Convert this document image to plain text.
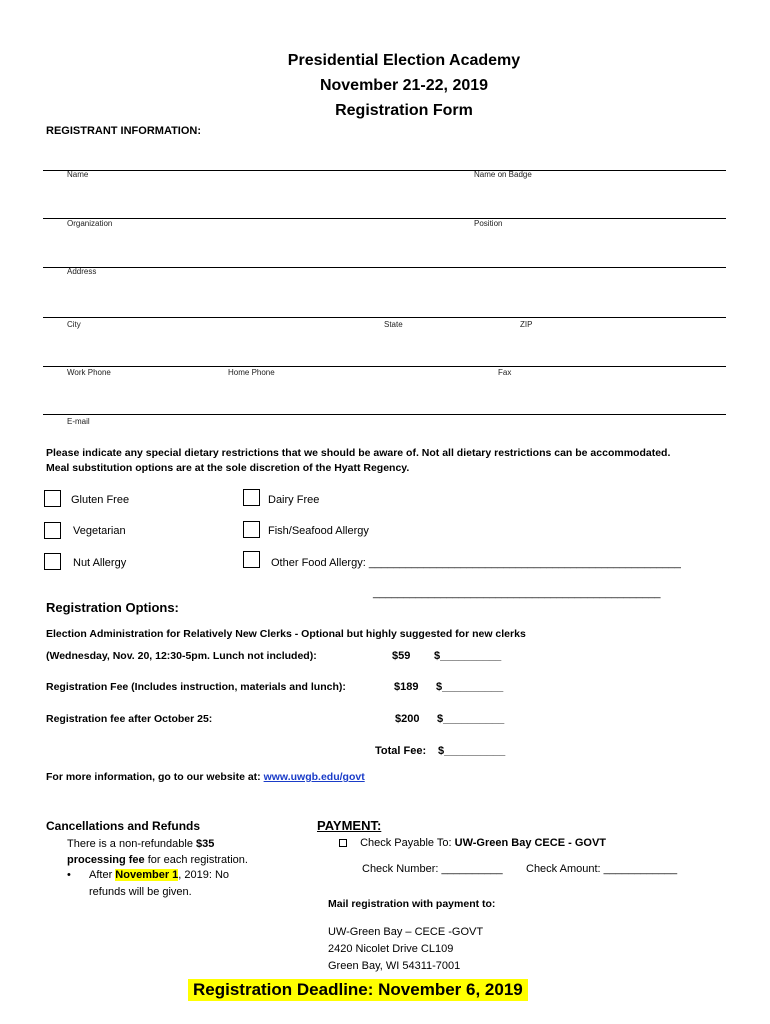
Presidential Election Academy
November 21-22, 2019
Registration Form
REGISTRANT INFORMATION:
Name	Name on Badge
Organization	Position
Address
City	State	ZIP
Work Phone	Home Phone	Fax
E-mail
Please indicate any special dietary restrictions that we should be aware of. Not all dietary restrictions can be accommodated.
Meal substitution options are at the sole discretion of the Hyatt Regency.
Gluten Free	Dairy Free
Vegetarian	Fish/Seafood Allergy
Nut Allergy	Other Food Allergy: ___________________________________________________
_______________________________________________
Registration Options:
Election Administration for Relatively New Clerks - Optional but highly suggested for new clerks
(Wednesday, Nov. 20, 12:30-5pm. Lunch not included):	$59 $__________
Registration Fee (Includes instruction, materials and lunch):	$189 $__________
Registration fee after October 25:	$200 $__________
Total Fee: $__________
For more information, go to our website at: www.uwgb.edu/govt
Cancellations and Refunds
There is a non-refundable $35
processing fee for each registration.
• After November 1, 2019: No
refunds will be given.
PAYMENT:
Check Payable To: UW-Green Bay CECE - GOVT
Check Number: __________ Check Amount: ____________
Mail registration with payment to:
UW-Green Bay – CECE -GOVT
2420 Nicolet Drive CL109
Green Bay, WI 54311-7001
Registration Deadline: November 6, 2019
